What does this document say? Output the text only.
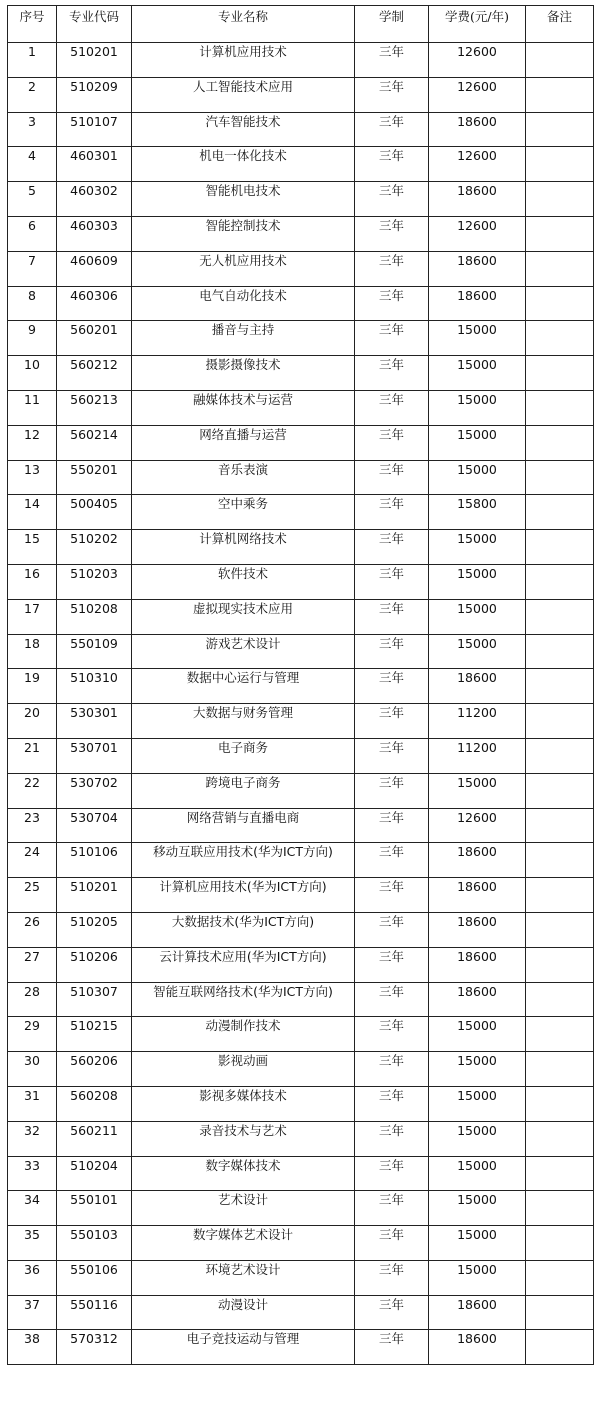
序号	专业代码	专业名称	学制	学费(元/年)	备注
1	510201	计算机应用技术	三年	12600	
2	510209	人工智能技术应用	三年	12600	
3	510107	汽车智能技术	三年	18600	
4	460301	机电一体化技术	三年	12600	
5	460302	智能机电技术	三年	18600	
6	460303	智能控制技术	三年	12600	
7	460609	无人机应用技术	三年	18600	
8	460306	电气自动化技术	三年	18600	
9	560201	播音与主持	三年	15000	
10	560212	摄影摄像技术	三年	15000	
11	560213	融媒体技术与运营	三年	15000	
12	560214	网络直播与运营	三年	15000	
13	550201	音乐表演	三年	15000	
14	500405	空中乘务	三年	15800	
15	510202	计算机网络技术	三年	15000	
16	510203	软件技术	三年	15000	
17	510208	虚拟现实技术应用	三年	15000	
18	550109	游戏艺术设计	三年	15000	
19	510310	数据中心运行与管理	三年	18600	
20	530301	大数据与财务管理	三年	11200	
21	530701	电子商务	三年	11200	
22	530702	跨境电子商务	三年	15000	
23	530704	网络营销与直播电商	三年	12600	
24	510106	移动互联应用技术(华为ICT方向)	三年	18600	
25	510201	计算机应用技术(华为ICT方向)	三年	18600	
26	510205	大数据技术(华为ICT方向)	三年	18600	
27	510206	云计算技术应用(华为ICT方向)	三年	18600	
28	510307	智能互联网络技术(华为ICT方向)	三年	18600	
29	510215	动漫制作技术	三年	15000	
30	560206	影视动画	三年	15000	
31	560208	影视多媒体技术	三年	15000	
32	560211	录音技术与艺术	三年	15000	
33	510204	数字媒体技术	三年	15000	
34	550101	艺术设计	三年	15000	
35	550103	数字媒体艺术设计	三年	15000	
36	550106	环境艺术设计	三年	15000	
37	550116	动漫设计	三年	18600	
38	570312	电子竞技运动与管理	三年	18600	
